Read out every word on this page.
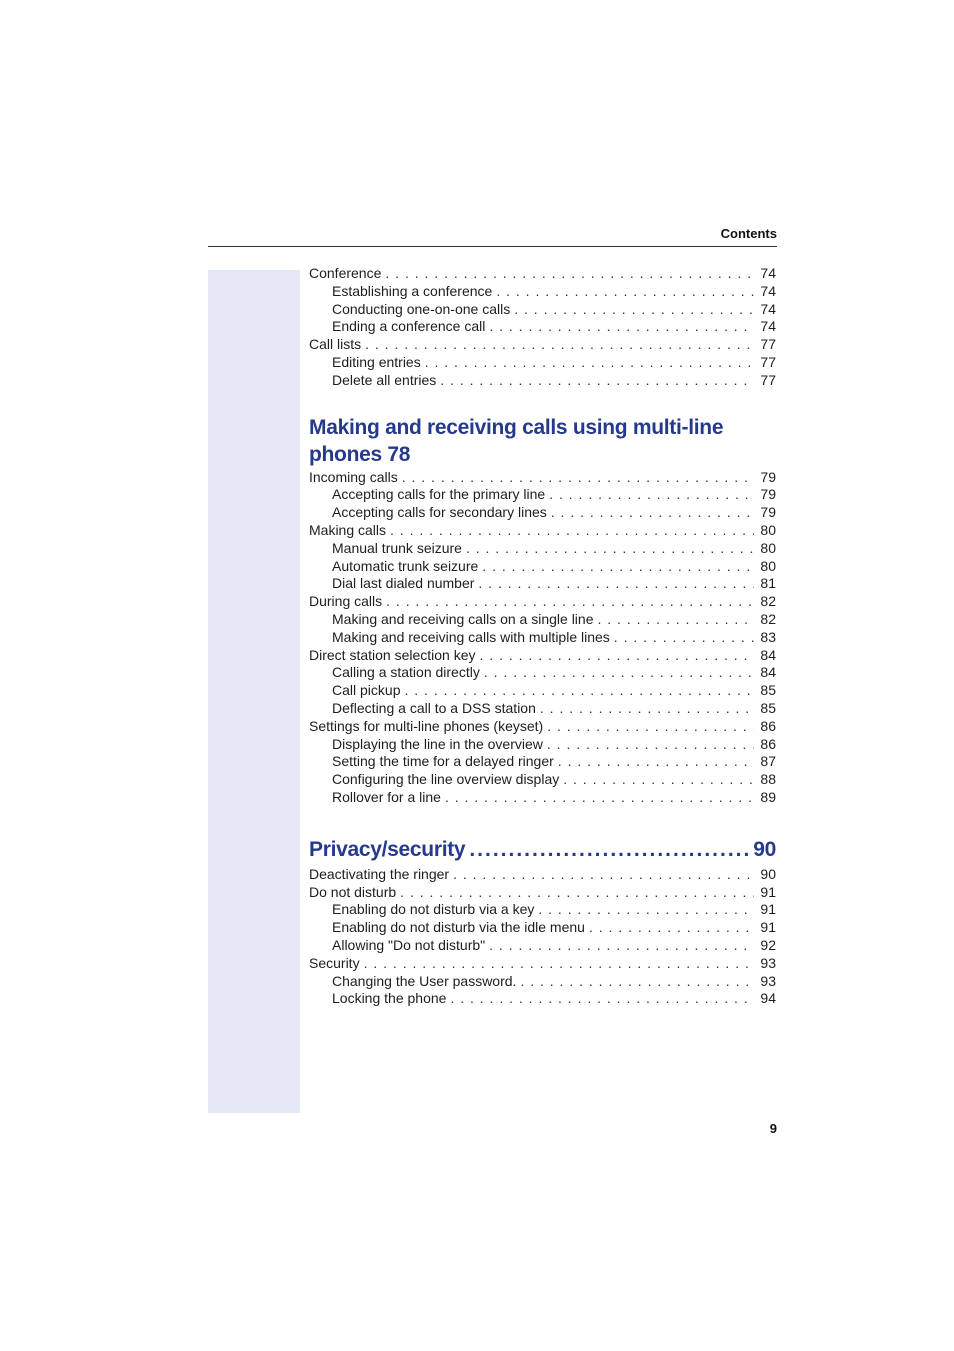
Contents
Conference . . .	74
Establishing a conference . . .	74
Conducting one-on-one calls . . .	74
Ending a conference call . . .	74
Call lists . . .	77
Editing entries . . .	77
Delete all entries . . .	77
Making and receiving calls using multi-line phones 78
Incoming calls . . .	79
Accepting calls for the primary line . . .	79
Accepting calls for secondary lines . . .	79
Making calls . . .	80
Manual trunk seizure . . .	80
Automatic trunk seizure . . .	80
Dial last dialed number . . .	81
During calls . . .	82
Making and receiving calls on a single line . . .	82
Making and receiving calls with multiple lines . . .	83
Direct station selection key . . .	84
Calling a station directly . . .	84
Call pickup . . .	85
Deflecting a call to a DSS station . . .	85
Settings for multi-line phones (keyset) . . .	86
Displaying the line in the overview . . .	86
Setting the time for a delayed ringer . . .	87
Configuring the line overview display . . .	88
Rollover for a line . . .	89
Privacy/security .....	90
Deactivating the ringer . . .	90
Do not disturb . . .	91
Enabling do not disturb via a key . . .	91
Enabling do not disturb via the idle menu . . .	91
Allowing "Do not disturb" . . .	92
Security . . .	93
Changing the User password. . . .	93
Locking the phone . . .	94
9
